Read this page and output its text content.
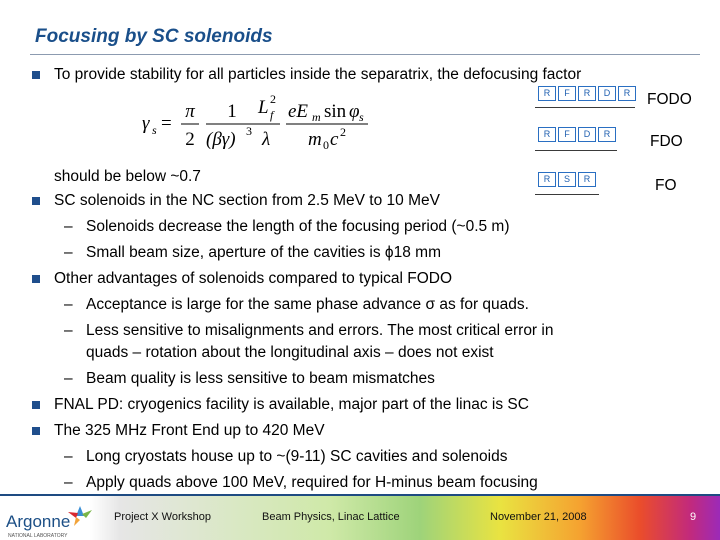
Focusing by SC solenoids
To provide stability for all particles inside the separatrix, the defocusing factor
γ s =
π
2
1
(βγ) 3
L 2
f
λ
eE m sin φ s
m 0 c 2
R	F	R	D	R	FODO
R	F	D	R	FDO
R	S	R	FO
should be below ~0.7
SC solenoids in the NC section from 2.5 MeV to 10 MeV
– Solenoids decrease the length of the focusing period (~0.5 m)
– Small beam size, aperture of the cavities is ϕ18 mm
Other advantages of solenoids compared to typical FODO
– Acceptance is large for the same phase advance σ as for quads.
– Less sensitive to misalignments and errors. The most critical error in
quads – rotation about the longitudinal axis – does not exist
– Beam quality is less sensitive to beam mismatches
FNAL PD: cryogenics facility is available, major part of the linac is SC
The 325 MHz Front End up to 420 MeV
– Long cryostats house up to ~(9-11) SC cavities and solenoids
– Apply quads above 100 MeV, required for H-minus beam focusing
Argonne
NATIONAL LABORATORY
Project X Workshop	Beam Physics, Linac Lattice	November 21, 2008	9
